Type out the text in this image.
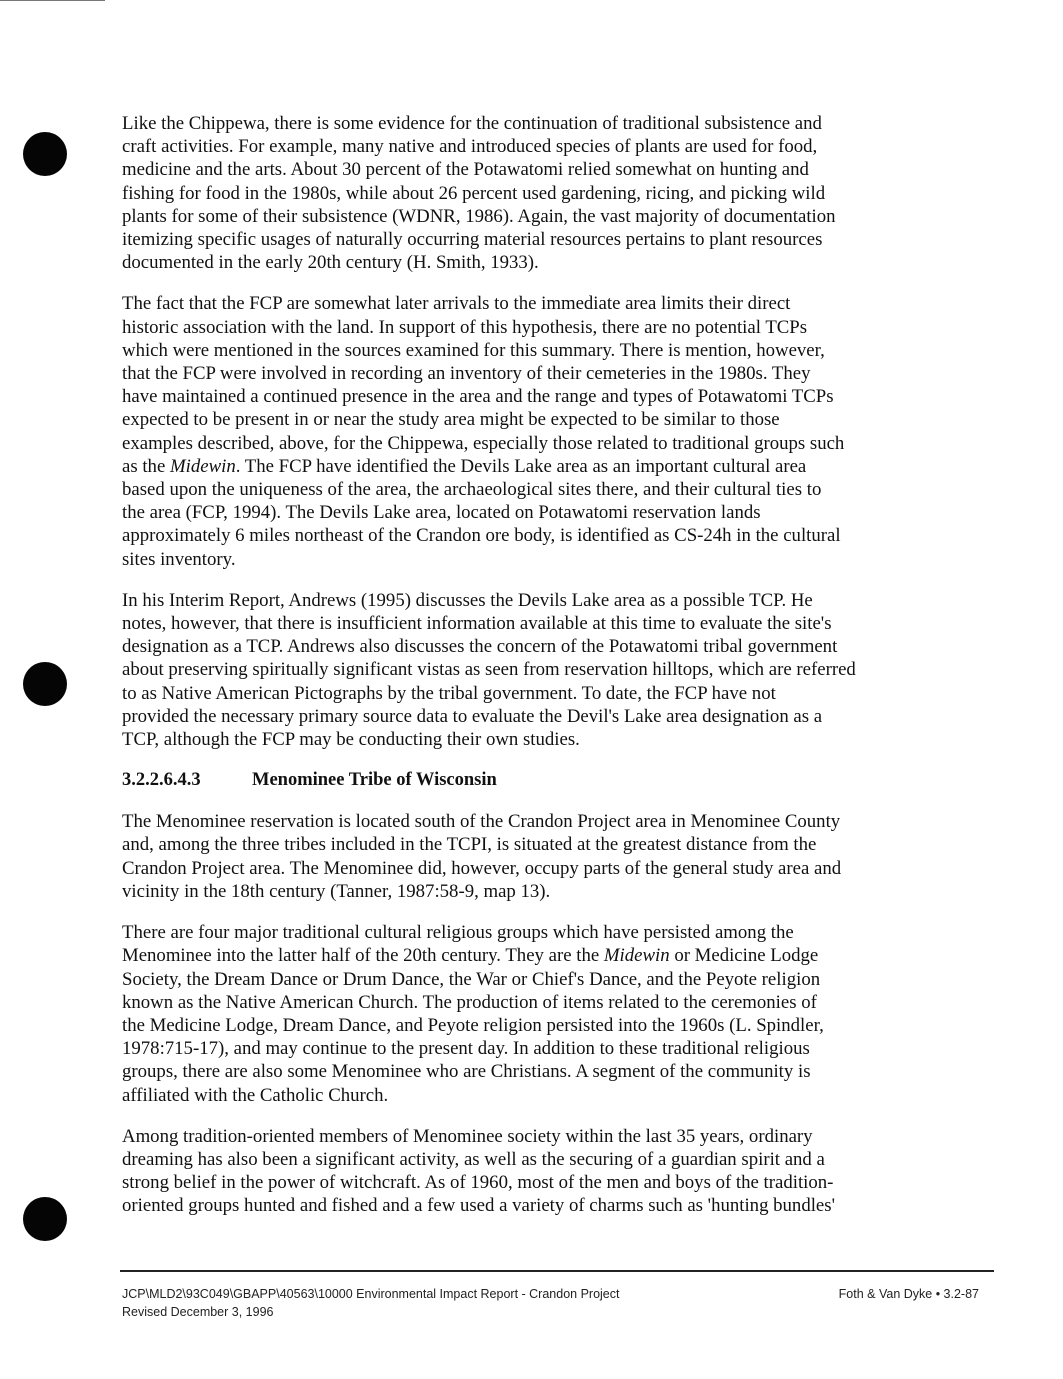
Like the Chippewa, there is some evidence for the continuation of traditional subsistence and
craft activities. For example, many native and introduced species of plants are used for food,
medicine and the arts. About 30 percent of the Potawatomi relied somewhat on hunting and
fishing for food in the 1980s, while about 26 percent used gardening, ricing, and picking wild
plants for some of their subsistence (WDNR, 1986). Again, the vast majority of documentation
itemizing specific usages of naturally occurring material resources pertains to plant resources
documented in the early 20th century (H. Smith, 1933).
The fact that the FCP are somewhat later arrivals to the immediate area limits their direct
historic association with the land. In support of this hypothesis, there are no potential TCPs
which were mentioned in the sources examined for this summary. There is mention, however,
that the FCP were involved in recording an inventory of their cemeteries in the 1980s. They
have maintained a continued presence in the area and the range and types of Potawatomi TCPs
expected to be present in or near the study area might be expected to be similar to those
examples described, above, for the Chippewa, especially those related to traditional groups such
as the Midewin. The FCP have identified the Devils Lake area as an important cultural area
based upon the uniqueness of the area, the archaeological sites there, and their cultural ties to
the area (FCP, 1994). The Devils Lake area, located on Potawatomi reservation lands
approximately 6 miles northeast of the Crandon ore body, is identified as CS-24h in the cultural
sites inventory.
In his Interim Report, Andrews (1995) discusses the Devils Lake area as a possible TCP. He
notes, however, that there is insufficient information available at this time to evaluate the site's
designation as a TCP. Andrews also discusses the concern of the Potawatomi tribal government
about preserving spiritually significant vistas as seen from reservation hilltops, which are referred
to as Native American Pictographs by the tribal government. To date, the FCP have not
provided the necessary primary source data to evaluate the Devil's Lake area designation as a
TCP, although the FCP may be conducting their own studies.
3.2.2.6.4.3	Menominee Tribe of Wisconsin
The Menominee reservation is located south of the Crandon Project area in Menominee County
and, among the three tribes included in the TCPI, is situated at the greatest distance from the
Crandon Project area. The Menominee did, however, occupy parts of the general study area and
vicinity in the 18th century (Tanner, 1987:58-9, map 13).
There are four major traditional cultural religious groups which have persisted among the
Menominee into the latter half of the 20th century. They are the Midewin or Medicine Lodge
Society, the Dream Dance or Drum Dance, the War or Chief's Dance, and the Peyote religion
known as the Native American Church. The production of items related to the ceremonies of
the Medicine Lodge, Dream Dance, and Peyote religion persisted into the 1960s (L. Spindler,
1978:715-17), and may continue to the present day. In addition to these traditional religious
groups, there are also some Menominee who are Christians. A segment of the community is
affiliated with the Catholic Church.
Among tradition-oriented members of Menominee society within the last 35 years, ordinary
dreaming has also been a significant activity, as well as the securing of a guardian spirit and a
strong belief in the power of witchcraft. As of 1960, most of the men and boys of the tradition-
oriented groups hunted and fished and a few used a variety of charms such as 'hunting bundles'
JCP\MLD2\93C049\GBAPP\40563\10000 Environmental Impact Report - Crandon Project
Revised December 3, 1996
Foth & Van Dyke • 3.2-87
